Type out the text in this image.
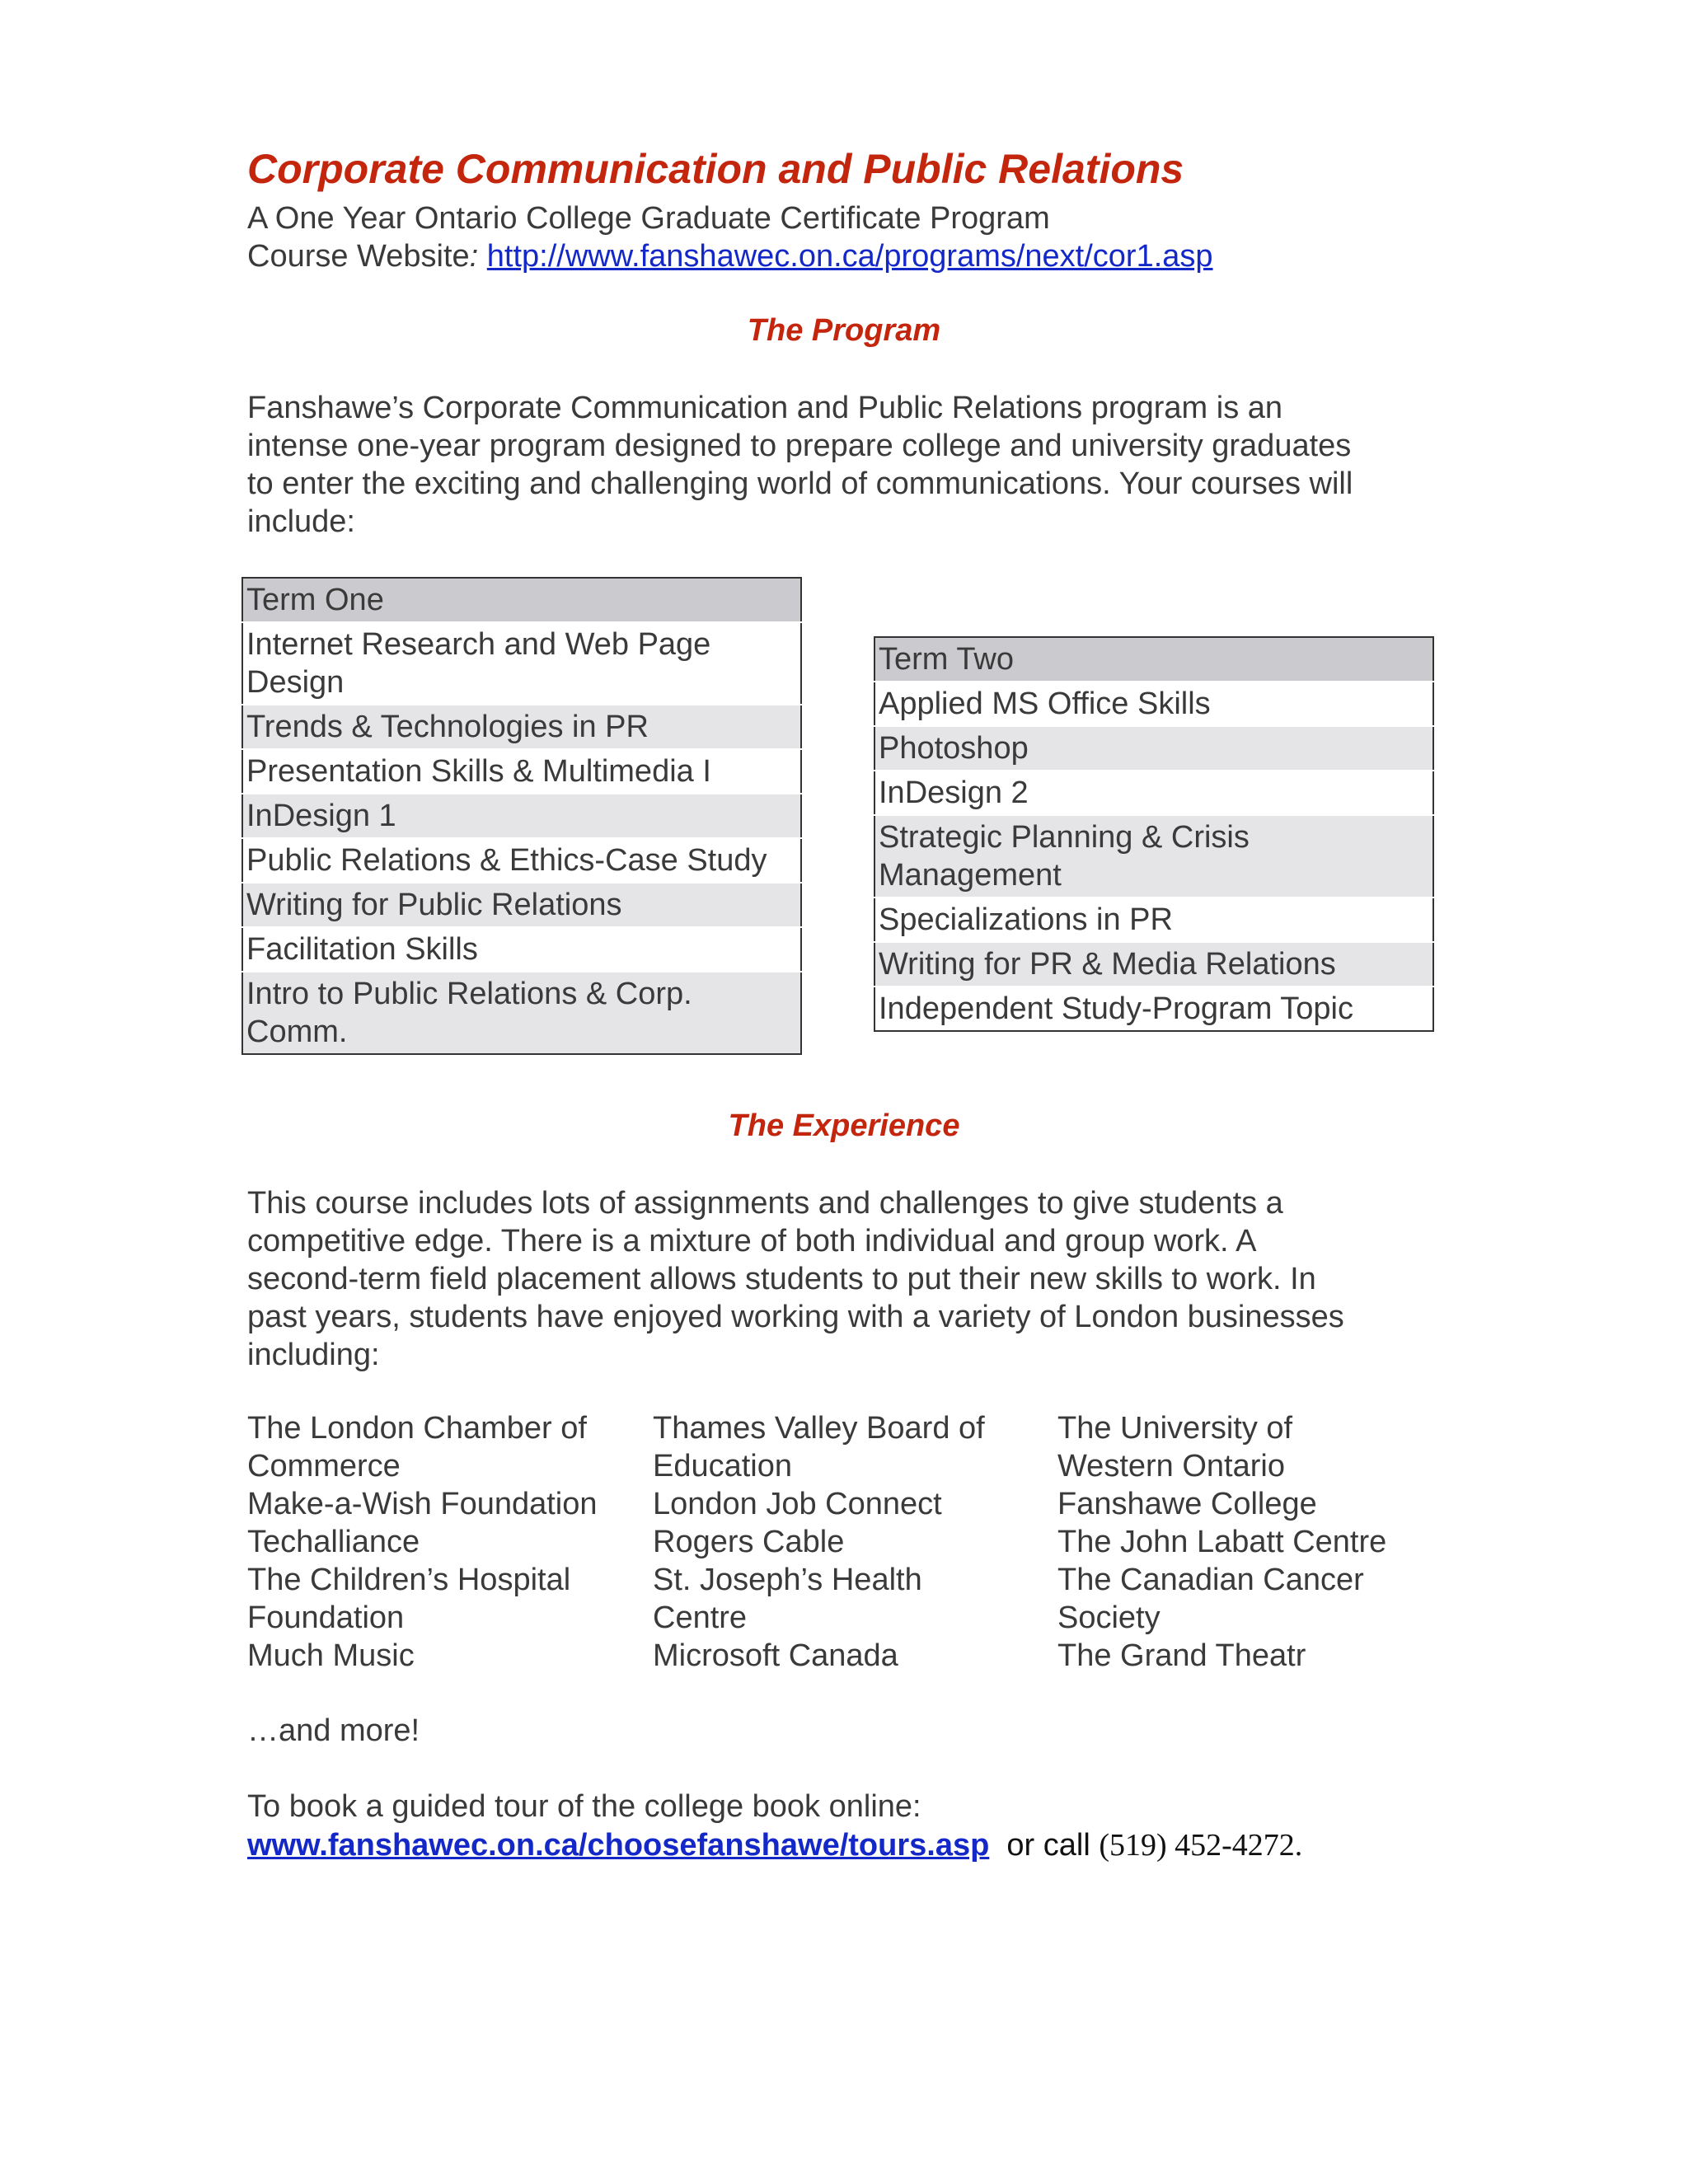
Corporate Communication and Public Relations
A One Year Ontario College Graduate Certificate Program
Course Website: http://www.fanshawec.on.ca/programs/next/cor1.asp
The Program
Fanshawe’s Corporate Communication and Public Relations program is an
intense one-year program designed to prepare college and university graduates
to enter the exciting and challenging world of communications. Your courses will
include:
Term One
Internet Research and Web Page Design
Trends & Technologies in PR
Presentation Skills & Multimedia I
InDesign 1
Public Relations & Ethics-Case Study
Writing for Public Relations
Facilitation Skills
Intro to Public Relations & Corp. Comm.
Term Two
Applied MS Office Skills
Photoshop
InDesign 2
Strategic Planning & Crisis Management
Specializations in PR
Writing for PR & Media Relations
Independent Study-Program Topic
The Experience
This course includes lots of assignments and challenges to give students a
competitive edge. There is a mixture of both individual and group work. A
second-term field placement allows students to put their new skills to work. In
past years, students have enjoyed working with a variety of London businesses
including:
The London Chamber of
Commerce
Make-a-Wish Foundation
Techalliance
The Children’s Hospital
Foundation
Much Music
Thames Valley Board of
Education
London Job Connect
Rogers Cable
St. Joseph’s Health
Centre
Microsoft Canada
The University of
Western Ontario
Fanshawe College
The John Labatt Centre
The Canadian Cancer
Society
The Grand Theatr
…and more!
To book a guided tour of the college book online:
www.fanshawec.on.ca/choosefanshawe/tours.asp  or call (519) 452-4272.
